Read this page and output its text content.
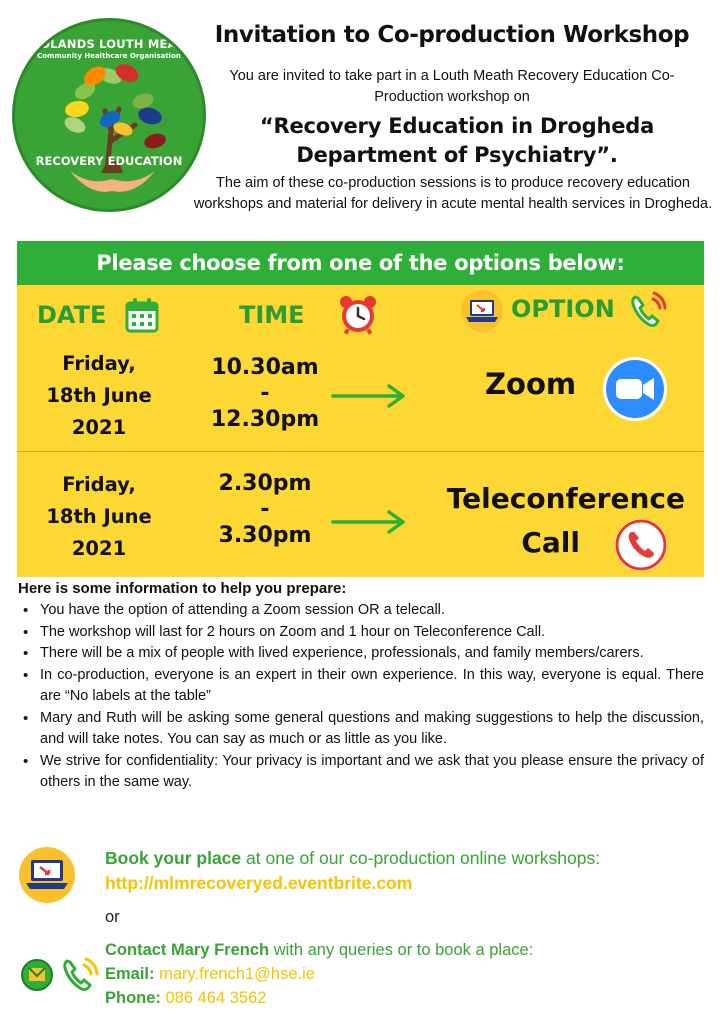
MIDLANDS LOUTH MEATH
Community Healthcare Organisation
RECOVERY EDUCATION
Invitation to Co-production Workshop
You are invited to take part in a Louth Meath Recovery Education Co-Production workshop on
“Recovery Education in Drogheda Department of Psychiatry”.
The aim of these co-production sessions is to produce recovery education workshops and material for delivery in acute mental health services in Drogheda.
Please choose from one of the options below:
DATE	TIME	OPTION
Friday,
18th June
2021
10.30am
-
12.30pm
Zoom
Friday,
18th June
2021
2.30pm
-
3.30pm
Teleconference
Call
Here is some information to help you prepare:
• You have the option of attending a Zoom session OR a telecall.
• The workshop will last for 2 hours on Zoom and 1 hour on Teleconference Call.
• There will be a mix of people with lived experience, professionals, and family members/carers.
• In co-production, everyone is an expert in their own experience. In this way, everyone is equal. There are “No labels at the table”
• Mary and Ruth will be asking some general questions and making suggestions to help the discussion, and will take notes. You can say as much or as little as you like.
• We strive for confidentiality: Your privacy is important and we ask that you please ensure the privacy of others in the same way.
Book your place at one of our co-production online workshops:
http://mlmrecoveryed.eventbrite.com
or
Contact Mary French with any queries or to book a place:
Email: mary.french1@hse.ie
Phone: 086 464 3562
